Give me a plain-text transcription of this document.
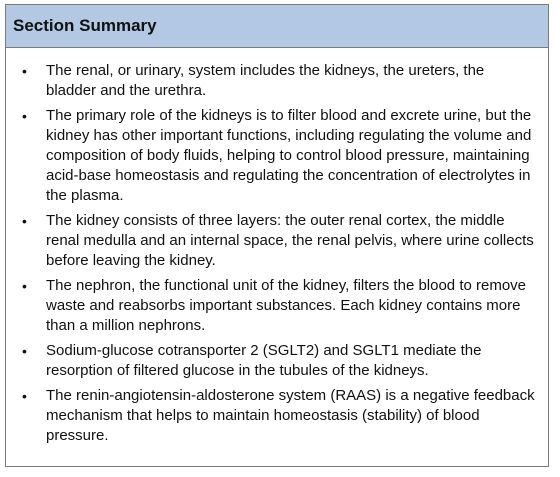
Section Summary
•	The renal, or urinary, system includes the kidneys, the ureters, the bladder and the urethra.
•	The primary role of the kidneys is to filter blood and excrete urine, but the kidney has other important functions, including regulating the volume and composition of body fluids, helping to control blood pressure, maintaining acid-base homeostasis and regulating the concentration of electrolytes in the plasma.
•	The kidney consists of three layers: the outer renal cortex, the middle renal medulla and an internal space, the renal pelvis, where urine collects before leaving the kidney.
•	The nephron, the functional unit of the kidney, filters the blood to remove waste and reabsorbs important substances. Each kidney contains more than a million nephrons.
•	Sodium-glucose cotransporter 2 (SGLT2) and SGLT1 mediate the resorption of filtered glucose in the tubules of the kidneys.
•	The renin-angiotensin-aldosterone system (RAAS) is a negative feedback mechanism that helps to maintain homeostasis (stability) of blood pressure.
